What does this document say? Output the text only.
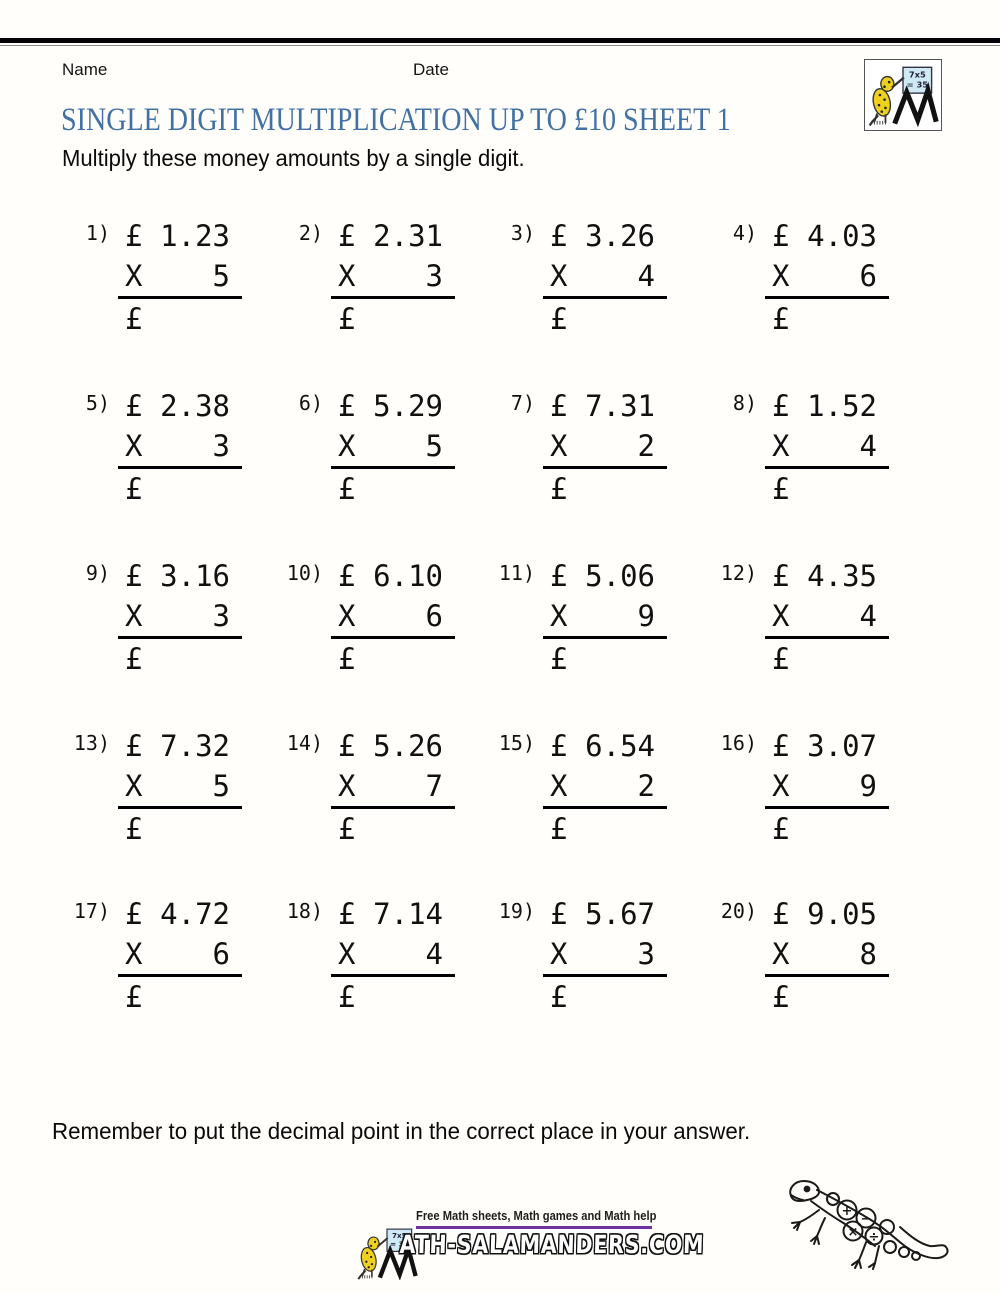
Name	Date
SINGLE DIGIT MULTIPLICATION UP TO £10 SHEET 1
Multiply these money amounts by a single digit.
1) £ 1.23
X 5
£
2) £ 2.31
X 3
£
3) £ 3.26
X 4
£
4) £ 4.03
X 6
£
5) £ 2.38
X 3
£
6) £ 5.29
X 5
£
7) £ 7.31
X 2
£
8) £ 1.52
X 4
£
9) £ 3.16
X 3
£
10) £ 6.10
X 6
£
11) £ 5.06
X 9
£
12) £ 4.35
X 4
£
13) £ 7.32
X 5
£
14) £ 5.26
X 7
£
15) £ 6.54
X 2
£
16) £ 3.07
X 9
£
17) £ 4.72
X 6
£
18) £ 7.14
X 4
£
19) £ 5.67
X 3
£
20) £ 9.05
X 8
£
Remember to put the decimal point in the correct place in your answer.
Free Math sheets, Math games and Math help
ATH-SALAMANDERS.COM
+
−
× ÷
